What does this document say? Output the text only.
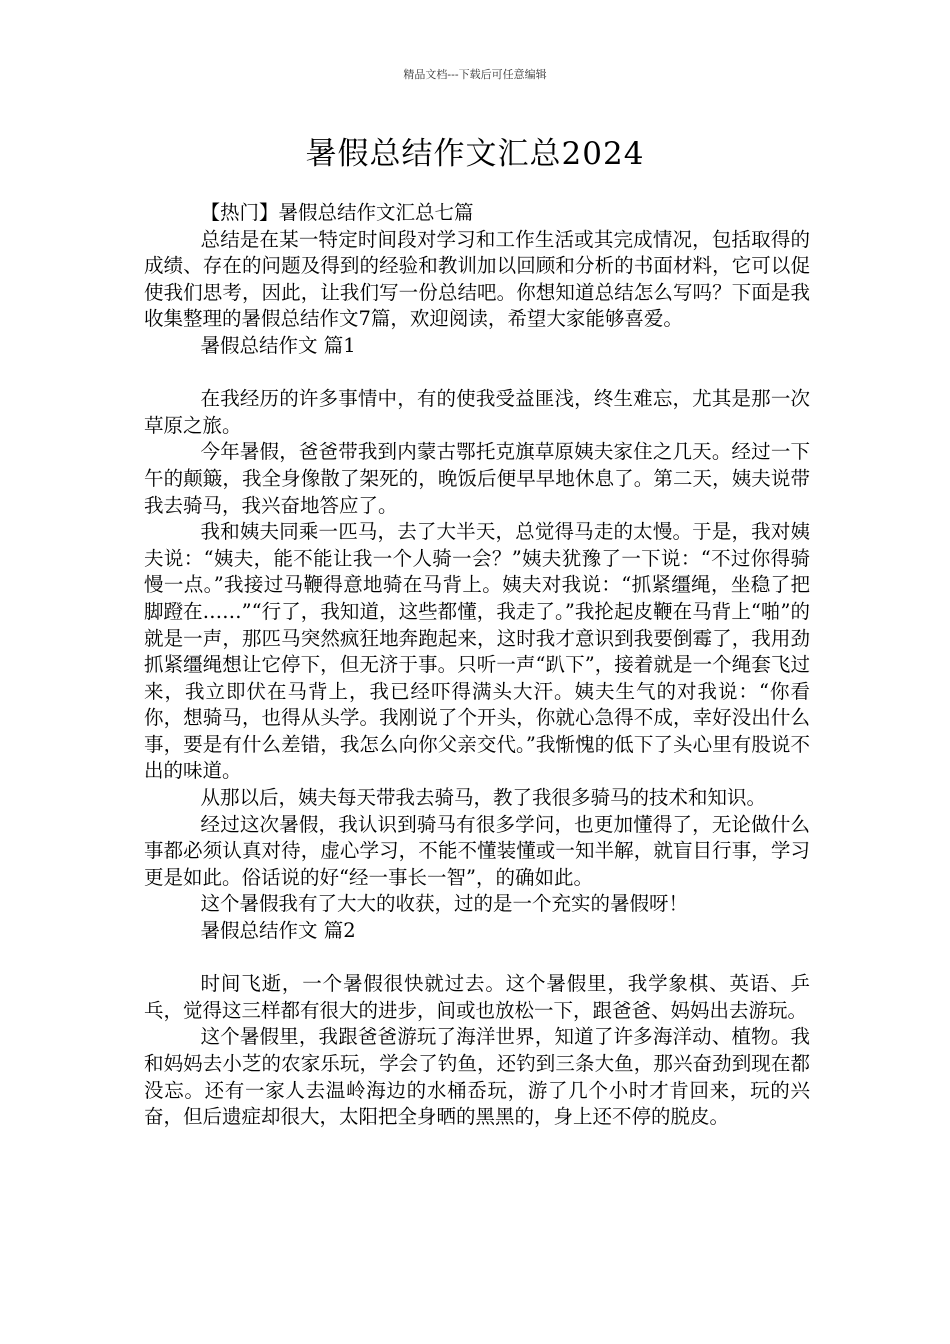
精品文档---下载后可任意编辑
暑假总结作文汇总2024

【热门】暑假总结作文汇总七篇

总结是在某一特定时间段对学习和工作生活或其完成情况，包括取得的成绩、存在的问题及得到的经验和教训加以回顾和分析的书面材料，它可以促使我们思考，因此，让我们写一份总结吧。你想知道总结怎么写吗？下面是我收集整理的暑假总结作文7篇，欢迎阅读，希望大家能够喜爱。

暑假总结作文 篇1

在我经历的许多事情中，有的使我受益匪浅，终生难忘，尤其是那一次草原之旅。

今年暑假，爸爸带我到内蒙古鄂托克旗草原姨夫家住之几天。经过一下午的颠簸，我全身像散了架死的，晚饭后便早早地休息了。第二天，姨夫说带我去骑马，我兴奋地答应了。

我和姨夫同乘一匹马，去了大半天，总觉得马走的太慢。于是，我对姨夫说：“姨夫，能不能让我一个人骑一会？”姨夫犹豫了一下说：“不过你得骑慢一点。”我接过马鞭得意地骑在马背上。姨夫对我说：“抓紧缰绳，坐稳了把脚蹬在……”“行了，我知道，这些都懂，我走了。”我抡起皮鞭在马背上“啪”的就是一声，那匹马突然疯狂地奔跑起来，这时我才意识到我要倒霉了，我用劲抓紧缰绳想让它停下，但无济于事。只听一声“趴下”，接着就是一个绳套飞过来，我立即伏在马背上，我已经吓得满头大汗。姨夫生气的对我说：“你看你，想骑马，也得从头学。我刚说了个开头，你就心急得不成，幸好没出什么事，要是有什么差错，我怎么向你父亲交代。”我惭愧的低下了头心里有股说不出的味道。

从那以后，姨夫每天带我去骑马，教了我很多骑马的技术和知识。

经过这次暑假，我认识到骑马有很多学问，也更加懂得了，无论做什么事都必须认真对待，虚心学习，不能不懂装懂或一知半解，就盲目行事，学习更是如此。俗话说的好“经一事长一智”，的确如此。

这个暑假我有了大大的收获，过的是一个充实的暑假呀！

暑假总结作文 篇2

时间飞逝，一个暑假很快就过去。这个暑假里，我学象棋、英语、乒乓，觉得这三样都有很大的进步，间或也放松一下，跟爸爸、妈妈出去游玩。

这个暑假里，我跟爸爸游玩了海洋世界，知道了许多海洋动、植物。我和妈妈去小芝的农家乐玩，学会了钓鱼，还钓到三条大鱼，那兴奋劲到现在都没忘。还有一家人去温岭海边的水桶岙玩，游了几个小时才肯回来，玩的兴奋，但后遗症却很大，太阳把全身晒的黑黑的，身上还不停的脱皮。
